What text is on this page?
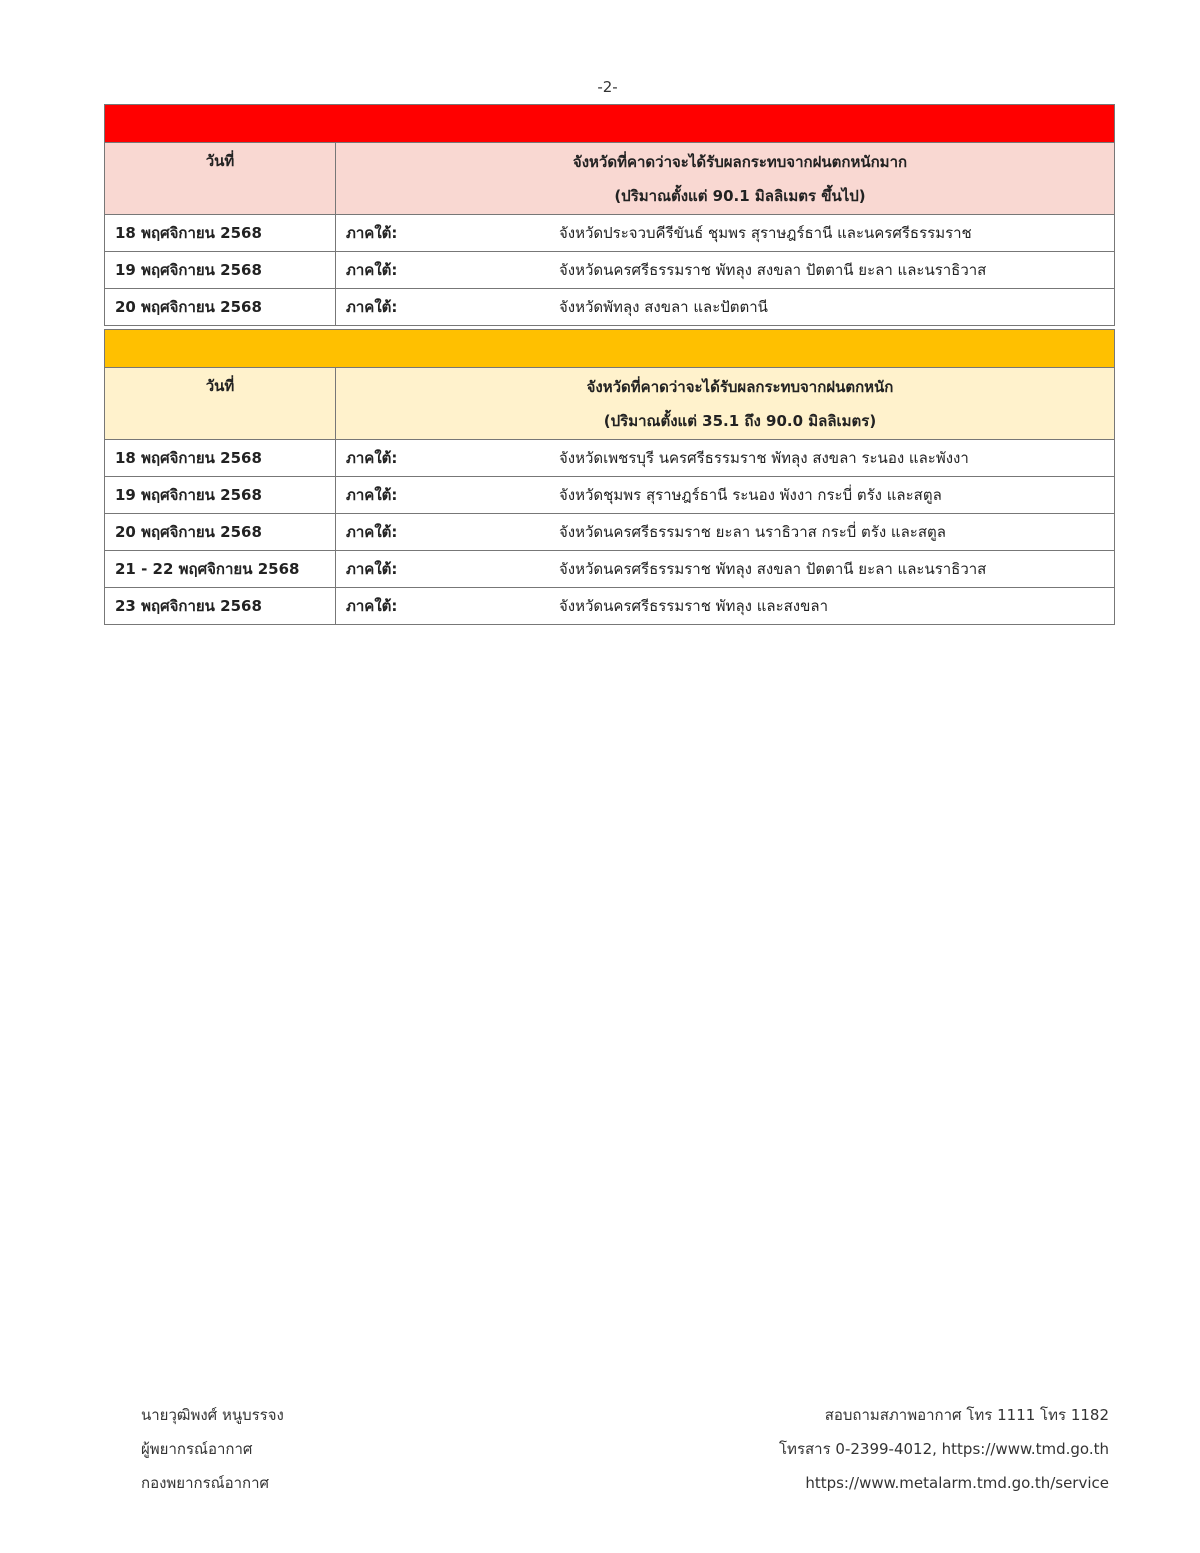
-2-

วันที่	จังหวัดที่คาดว่าจะได้รับผลกระทบจากฝนตกหนักมาก
(ปริมาณตั้งแต่ 90.1 มิลลิเมตร ขึ้นไป)

18 พฤศจิกายน 2568	ภาคใต้: จังหวัดประจวบคีรีขันธ์ ชุมพร สุราษฎร์ธานี และนครศรีธรรมราช
19 พฤศจิกายน 2568	ภาคใต้: จังหวัดนครศรีธรรมราช พัทลุง สงขลา ปัตตานี ยะลา และนราธิวาส
20 พฤศจิกายน 2568	ภาคใต้: จังหวัดพัทลุง สงขลา และปัตตานี

วันที่	จังหวัดที่คาดว่าจะได้รับผลกระทบจากฝนตกหนัก
(ปริมาณตั้งแต่ 35.1 ถึง 90.0 มิลลิเมตร)

18 พฤศจิกายน 2568	ภาคใต้: จังหวัดเพชรบุรี นครศรีธรรมราช พัทลุง สงขลา ระนอง และพังงา
19 พฤศจิกายน 2568	ภาคใต้: จังหวัดชุมพร สุราษฎร์ธานี ระนอง พังงา กระบี่ ตรัง และสตูล
20 พฤศจิกายน 2568	ภาคใต้: จังหวัดนครศรีธรรมราช ยะลา นราธิวาส กระบี่ ตรัง และสตูล
21 - 22 พฤศจิกายน 2568	ภาคใต้: จังหวัดนครศรีธรรมราช พัทลุง สงขลา ปัตตานี ยะลา และนราธิวาส
23 พฤศจิกายน 2568	ภาคใต้: จังหวัดนครศรีธรรมราช พัทลุง และสงขลา
นายวุฒิพงศ์ หนูบรรจง
ผู้พยากรณ์อากาศ
กองพยากรณ์อากาศ
สอบถามสภาพอากาศ โทร 1111 โทร 1182
โทรสาร 0-2399-4012, https://www.tmd.go.th
https://www.metalarm.tmd.go.th/service
